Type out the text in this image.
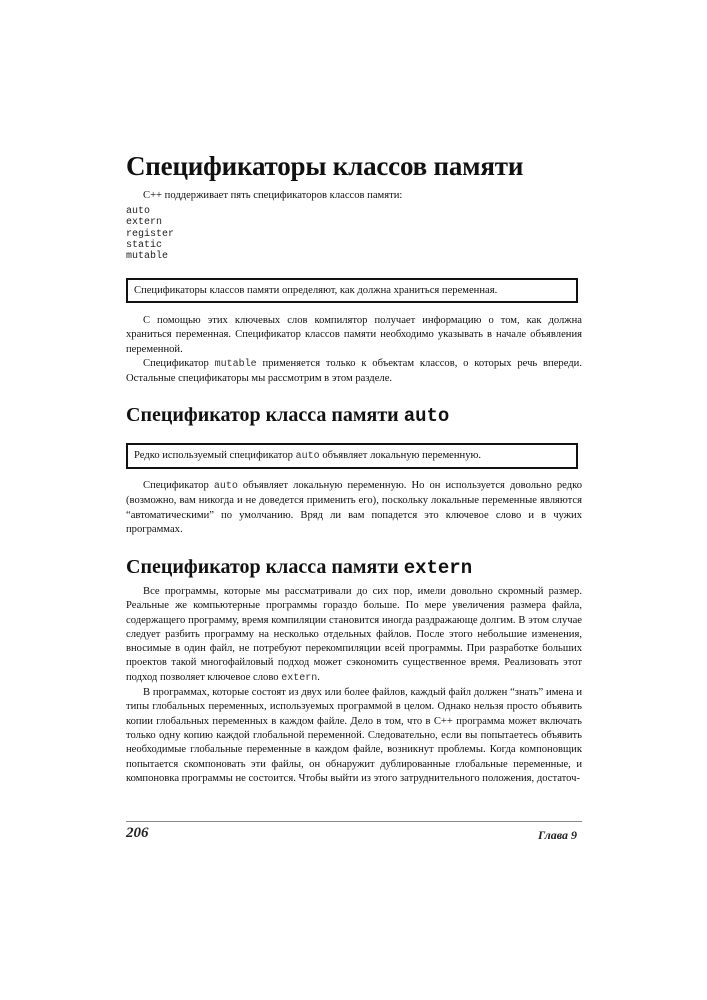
Спецификаторы классов памяти
C++ поддерживает пять спецификаторов классов памяти:
auto
extern
register
static
mutable
Спецификаторы классов памяти определяют, как должна храниться переменная.

С помощью этих ключевых слов компилятор получает информацию о том, как должна храниться переменная. Спецификатор классов памяти необходимо указывать в начале объявления переменной.

Спецификатор mutable применяется только к объектам классов, о которых речь впереди. Остальные спецификаторы мы рассмотрим в этом разделе.

Спецификатор класса памяти auto
Редко используемый спецификатор auto объявляет локальную переменную.

Спецификатор auto объявляет локальную переменную. Но он используется довольно редко (возможно, вам никогда и не доведется применить его), поскольку локальные переменные являются “автоматическими” по умолчанию. Вряд ли вам попадется это ключевое слово и в чужих программах.

Спецификатор класса памяти extern

Все программы, которые мы рассматривали до сих пор, имели довольно скромный размер. Реальные же компьютерные программы гораздо больше. По мере увеличения размера файла, содержащего программу, время компиляции становится иногда раздражающе долгим. В этом случае следует разбить программу на несколько отдельных файлов. После этого небольшие изменения, вносимые в один файл, не потребуют перекомпиляции всей программы. При разработке больших проектов такой многофайловый подход может сэкономить существенное время. Реализовать этот подход позволяет ключевое слово extern.

В программах, которые состоят из двух или более файлов, каждый файл должен “знать” имена и типы глобальных переменных, используемых программой в целом. Однако нельзя просто объявить копии глобальных переменных в каждом файле. Дело в том, что в C++ программа может включать только одну копию каждой глобальной переменной. Следовательно, если вы попытаетесь объявить необходимые глобальные переменные в каждом файле, возникнут проблемы. Когда компоновщик попытается скомпоновать эти файлы, он обнаружит дублированные глобальные переменные, и компоновка программы не состоится. Чтобы выйти из этого затруднительного положения, достаточ-

206	Глава 9
